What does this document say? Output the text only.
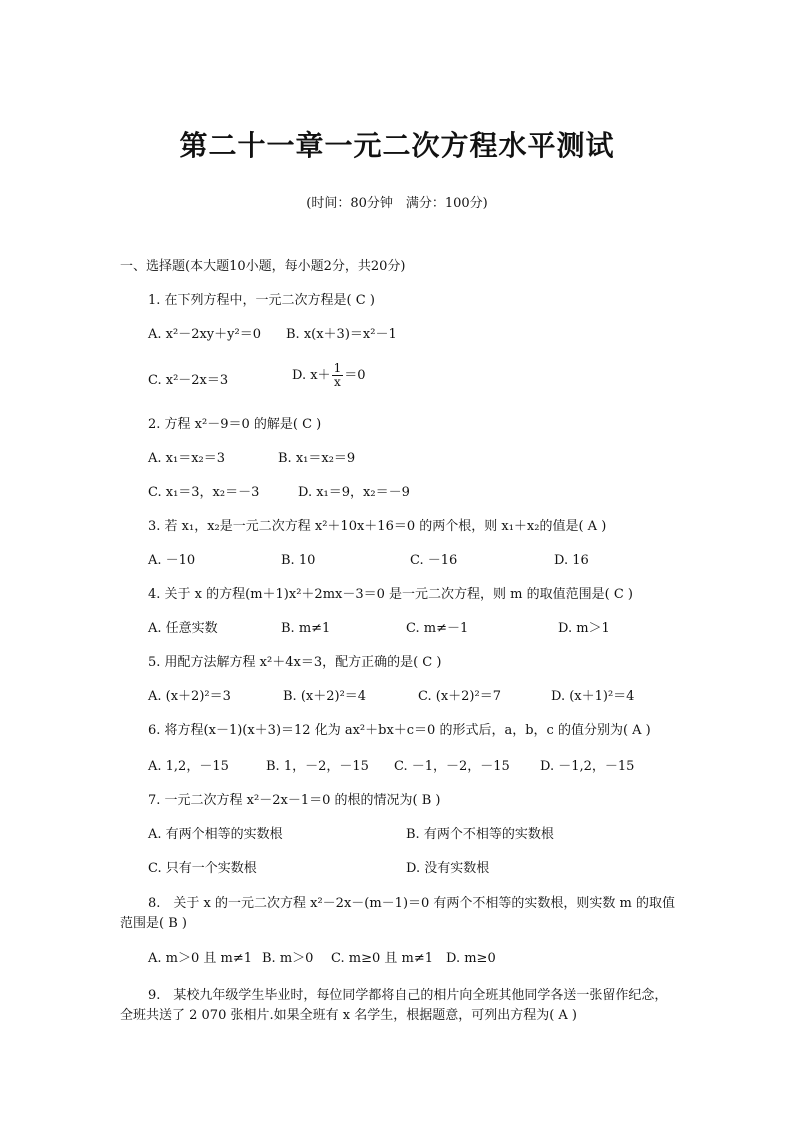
第二十一章一元二次方程水平测试
(时间：80分钟　满分：100分)
一、选择题(本大题10小题，每小题2分，共20分)
1. 在下列方程中，一元二次方程是( C )
A. x²－2xy＋y²＝0 B. x(x＋3)＝x²－1
C. x²－2x＝3	D. $x+ \frac{1}{x} =0$
2. 方程 x²－9＝0 的解是( C )
A. x₁＝x₂＝3	B. x₁＝x₂＝9
C. x₁＝3，x₂＝－3	D. x₁＝9，x₂＝－9
3. 若 x₁，x₂是一元二次方程 x²＋10x＋16＝0 的两个根，则 x₁＋x₂的值是( A )
A. －10	B. 10	C. －16	D. 16
4. 关于 x 的方程(m＋1)x²＋2mx－3＝0 是一元二次方程，则 m 的取值范围是( C )
A. 任意实数	B. m≠1	C. m≠－1	D. m＞1
5. 用配方法解方程 x²＋4x＝3，配方正确的是( C )
A. (x＋2)²＝3	B. (x＋2)²＝4	C. (x＋2)²＝7	D. (x＋1)²＝4
6. 将方程(x－1)(x＋3)＝12 化为 ax²＋bx＋c＝0 的形式后，a，b，c 的值分别为( A )
A. 1,2，－15	B. 1，－2，－15 C. －1，－2，－15 D. －1,2，－15
7. 一元二次方程 x²－2x－1＝0 的根的情况为( B )
A. 有两个相等的实数根	B. 有两个不相等的实数根
C. 只有一个实数根	D. 没有实数根
8.　关于 x 的一元二次方程 x²－2x－(m－1)＝0 有两个不相等的实数根，则实数 m 的取值范围是( B )
A. m＞0 且 m≠1 B. m＞0 C. m≥0 且 m≠1 D. m≥0
9.　某校九年级学生毕业时，每位同学都将自己的相片向全班其他同学各送一张留作纪念，全班共送了 2 070 张相片.如果全班有 x 名学生，根据题意，可列出方程为( A )
